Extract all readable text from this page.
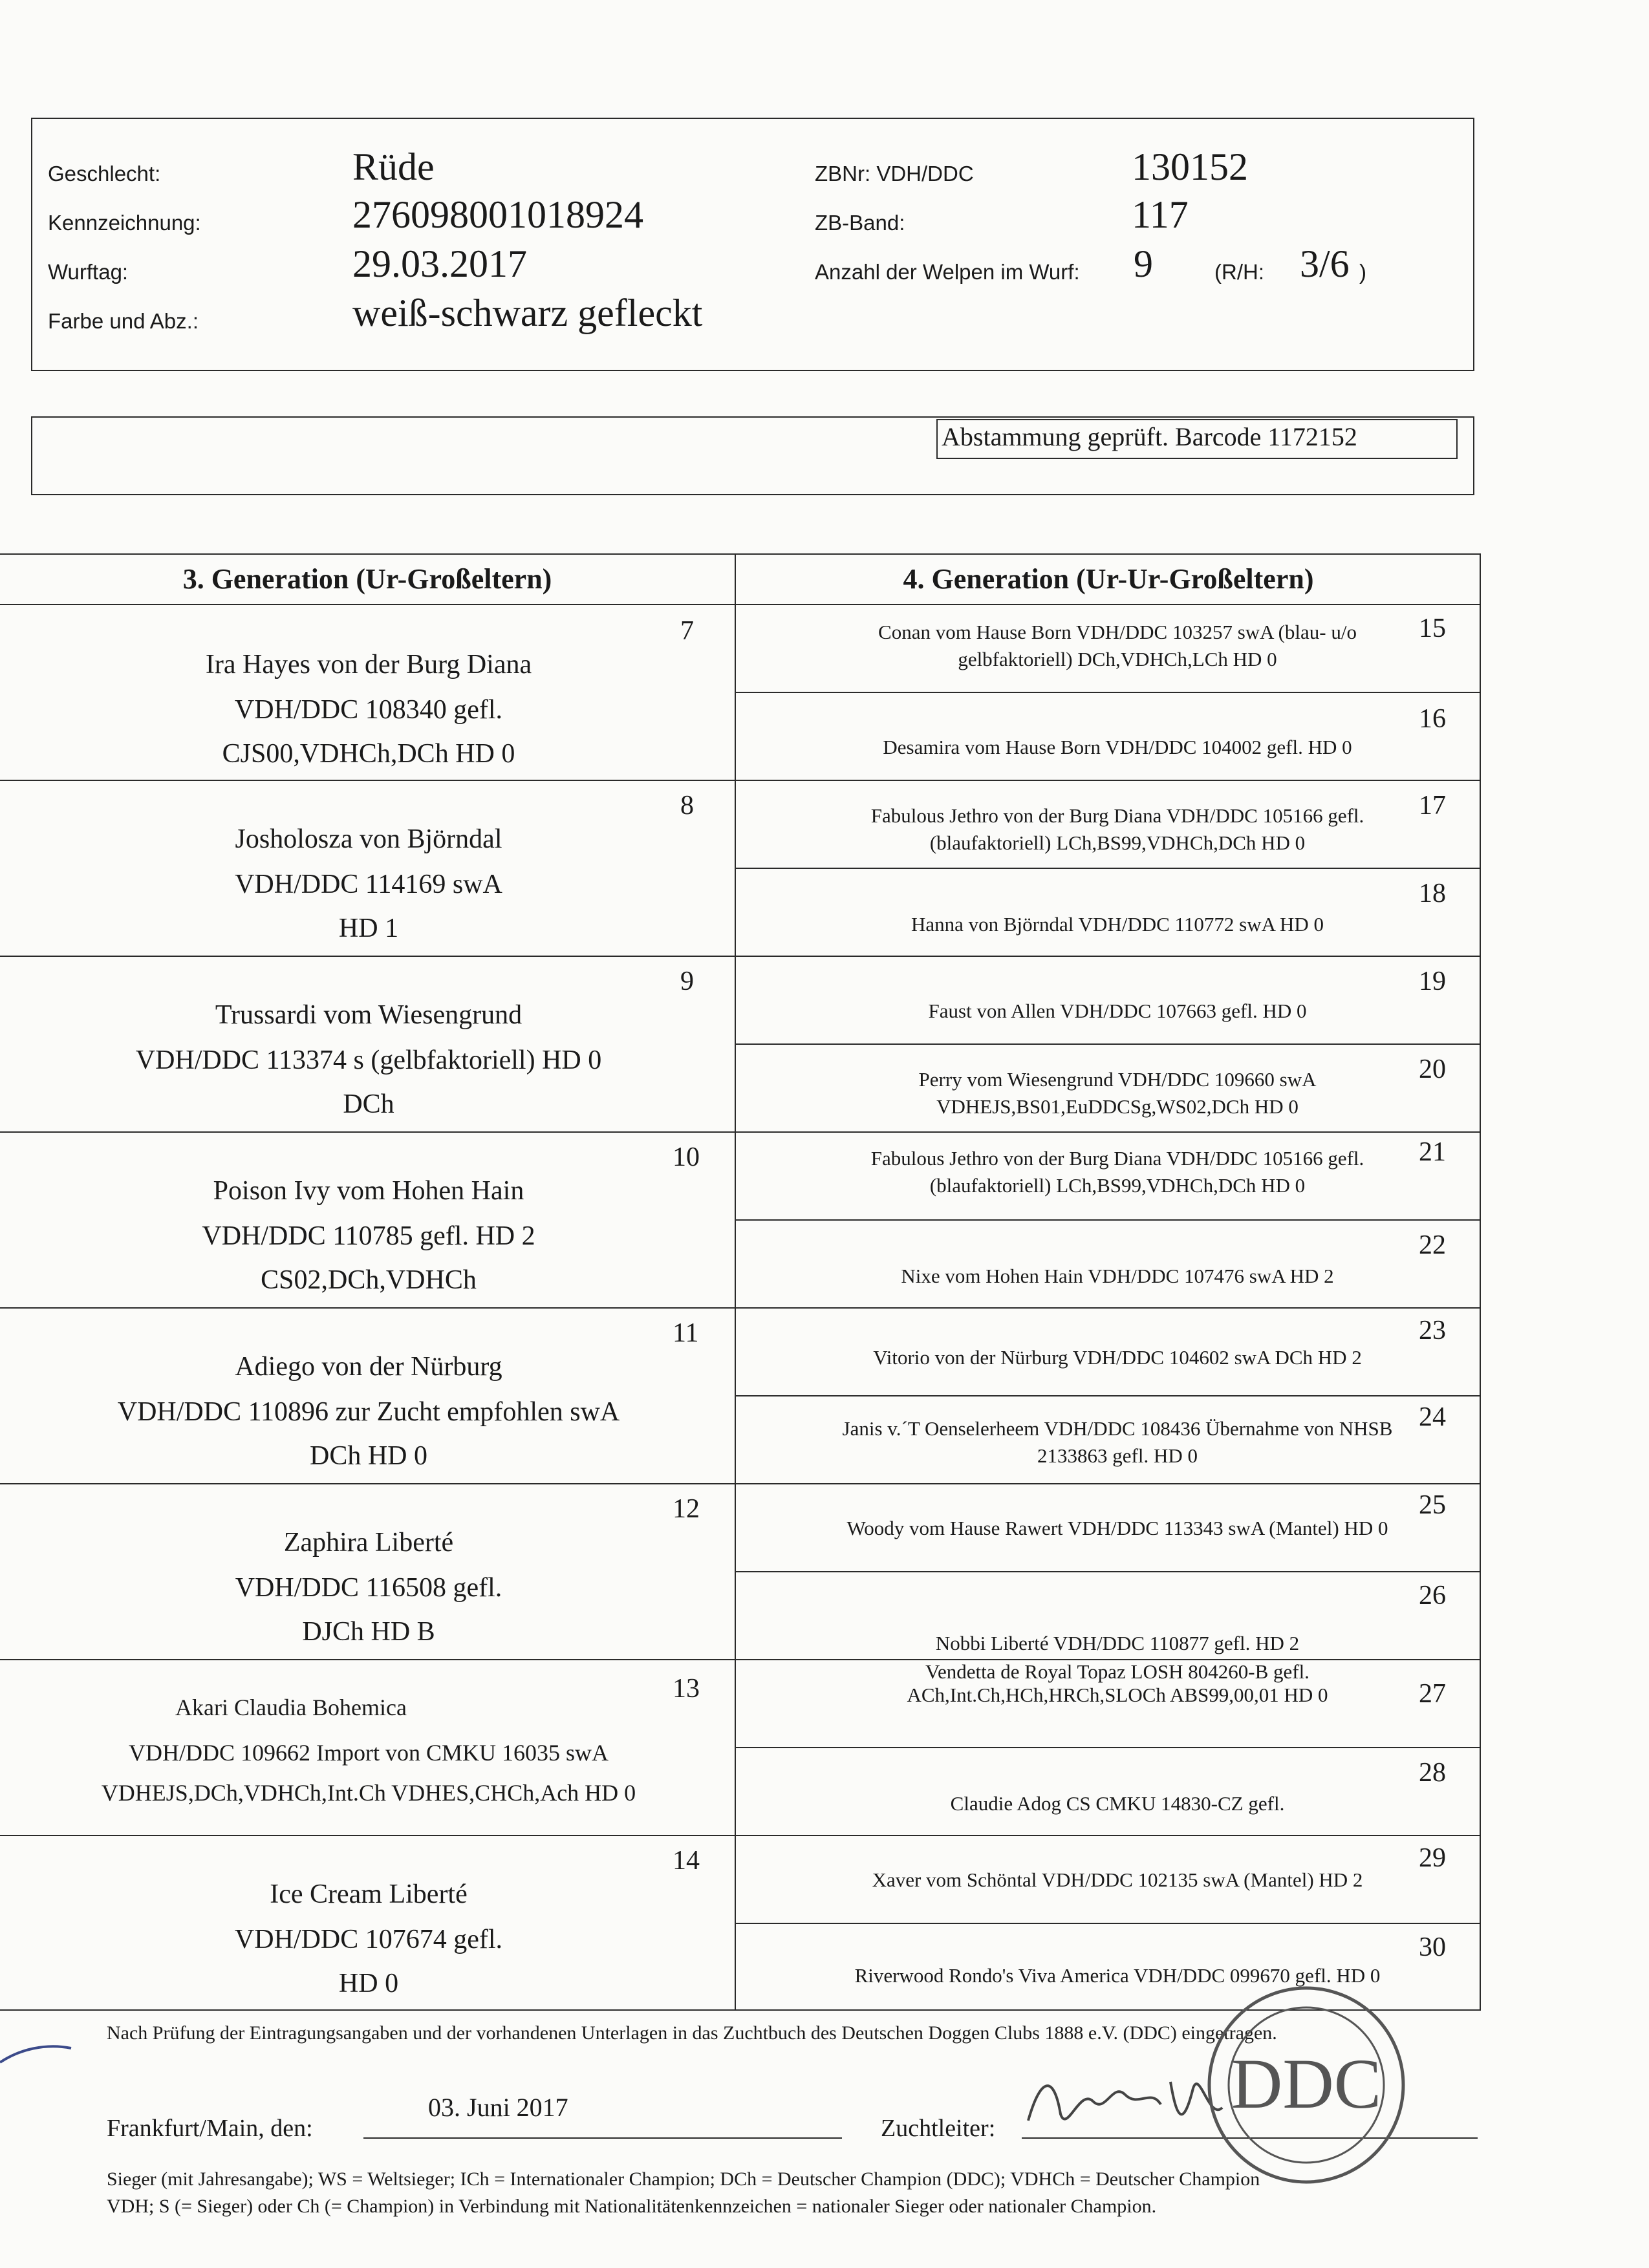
Geschlecht:
Kennzeichnung:
Wurftag:
Farbe und Abz.:
Rüde
276098001018924
29.03.2017
weiß-schwarz gefleckt
ZBNr: VDH/DDC
ZB-Band:
Anzahl der Welpen im Wurf:
130152
117
9	(R/H: 3/6 )
Abstammung geprüft. Barcode 1172152
3. Generation (Ur-Großeltern)	4. Generation (Ur-Ur-Großeltern)
7
Ira Hayes von der Burg Diana
VDH/DDC 108340 gefl.
CJS00,VDHCh,DCh HD 0
8
Josholosza von Björndal
VDH/DDC 114169 swA
HD 1
9
Trussardi vom Wiesengrund
VDH/DDC 113374 s (gelbfaktoriell) HD 0
DCh
10
Poison Ivy vom Hohen Hain
VDH/DDC 110785 gefl. HD 2
CS02,DCh,VDHCh
11
Adiego von der Nürburg
VDH/DDC 110896 zur Zucht empfohlen swA
DCh HD 0
12
Zaphira Liberté
VDH/DDC 116508 gefl.
DJCh HD B
13
Akari Claudia Bohemica
VDH/DDC 109662 Import von CMKU 16035 swA
VDHEJS,DCh,VDHCh,Int.Ch VDHES,CHCh,Ach HD 0
14
Ice Cream Liberté
VDH/DDC 107674 gefl.
HD 0
15
Conan vom Hause Born VDH/DDC 103257 swA (blau- u/o
gelbfaktoriell) DCh,VDHCh,LCh HD 0
16
Desamira vom Hause Born VDH/DDC 104002 gefl. HD 0
17
Fabulous Jethro von der Burg Diana VDH/DDC 105166 gefl.
(blaufaktoriell) LCh,BS99,VDHCh,DCh HD 0
18
Hanna von Björndal VDH/DDC 110772 swA HD 0
19
Faust von Allen VDH/DDC 107663 gefl. HD 0
20
Perry vom Wiesengrund VDH/DDC 109660 swA
VDHEJS,BS01,EuDDCSg,WS02,DCh HD 0
21
Fabulous Jethro von der Burg Diana VDH/DDC 105166 gefl.
(blaufaktoriell) LCh,BS99,VDHCh,DCh HD 0
22
Nixe vom Hohen Hain VDH/DDC 107476 swA HD 2
23
Vitorio von der Nürburg VDH/DDC 104602 swA DCh HD 2
24
Janis v.´T Oenselerheem VDH/DDC 108436 Übernahme von NHSB
2133863 gefl. HD 0
25
Woody vom Hause Rawert VDH/DDC 113343 swA (Mantel) HD 0
26
Nobbi Liberté VDH/DDC 110877 gefl. HD 2
27
Vendetta de Royal Topaz LOSH 804260-B gefl.
ACh,Int.Ch,HCh,HRCh,SLOCh ABS99,00,01 HD 0
28
Claudie Adog CS CMKU 14830-CZ gefl.
29
Xaver vom Schöntal VDH/DDC 102135 swA (Mantel) HD 2
30
Riverwood Rondo's Viva America VDH/DDC 099670 gefl. HD 0
Nach Prüfung der Eintragungsangaben und der vorhandenen Unterlagen in das Zuchtbuch des Deutschen Doggen Clubs 1888 e.V. (DDC) eingetragen.
Frankfurt/Main, den:
03. Juni 2017
Zuchtleiter:
DDC
Sieger (mit Jahresangabe); WS = Weltsieger; ICh = Internationaler Champion; DCh = Deutscher Champion (DDC); VDHCh = Deutscher Champion
VDH; S (= Sieger) oder Ch (= Champion) in Verbindung mit Nationalitätenkennzeichen = nationaler Sieger oder nationaler Champion.
